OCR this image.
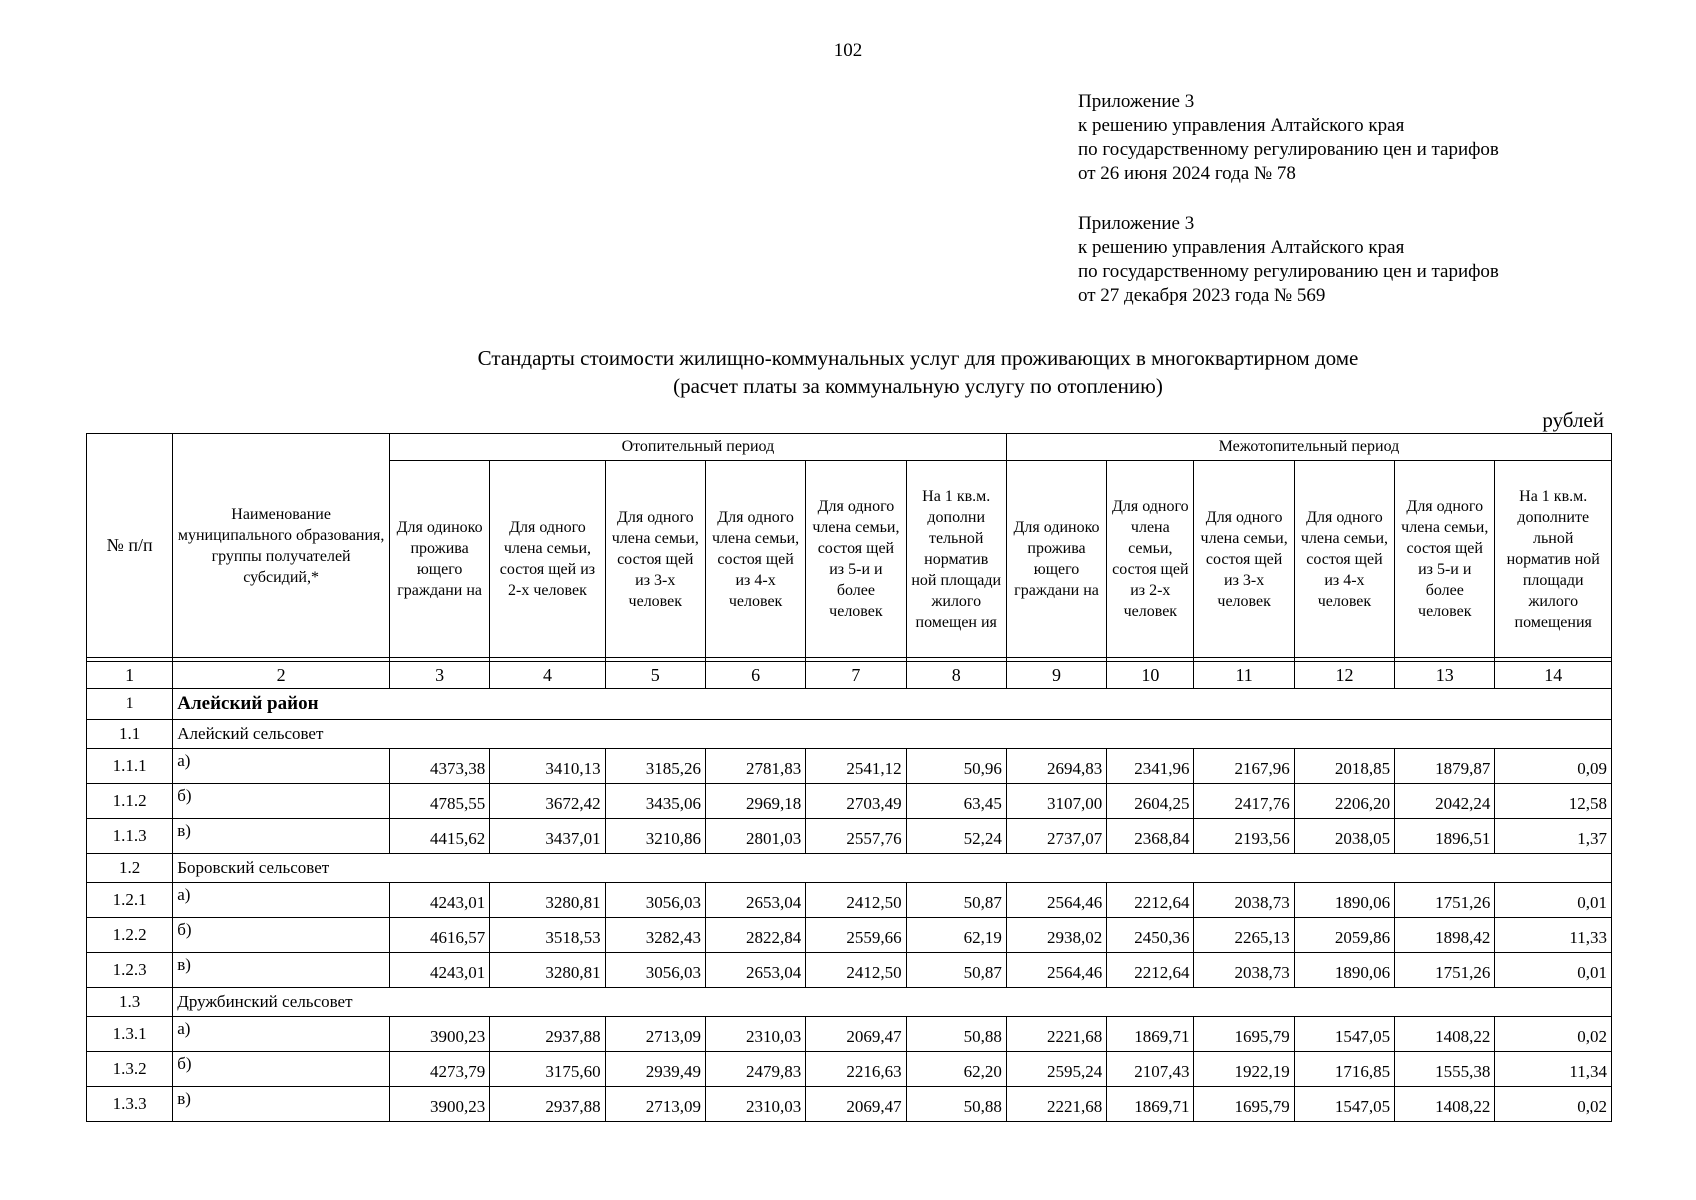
102
Приложение 3
к решению управления Алтайского края
по государственному регулированию цен и тарифов
от 26 июня 2024 года № 78
Приложение 3
к решению управления Алтайского края
по государственному регулированию цен и тарифов
от 27 декабря 2023 года № 569
Стандарты стоимости жилищно-коммунальных услуг для проживающих в многоквартирном доме
(расчет платы за коммунальную услугу по отоплению)
рублей
№ п/п	Наименование муниципального образования, группы получателей субсидий,*	Отопительный период						Межотопительный период					
		Для одиноко прожива ющего граждани на	Для одного члена семьи, состоя щей из 2-х человек	Для одного члена семьи, состоя щей из 3-х человек	Для одного члена семьи, состоя щей из 4-х человек	Для одного члена семьи, состоя щей из 5-и и более человек	На 1 кв.м. дополни тельной норматив ной площади жилого помещен ия	Для одиноко прожива ющего граждани на	Для одного члена семьи, состоя щей из 2-х человек	Для одного члена семьи, состоя щей из 3-х человек	Для одного члена семьи, состоя щей из 4-х человек	Для одного члена семьи, состоя щей из 5-и и более человек	На 1 кв.м. дополните льной норматив ной площади жилого помещения

1	2	3	4	5	6	7	8	9	10	11	12	13	14
1	Алейский район												
1.1	Алейский сельсовет												
1.1.1	а)	4373,38	3410,13	3185,26	2781,83	2541,12	50,96	2694,83	2341,96	2167,96	2018,85	1879,87	0,09
1.1.2	б)	4785,55	3672,42	3435,06	2969,18	2703,49	63,45	3107,00	2604,25	2417,76	2206,20	2042,24	12,58
1.1.3	в)	4415,62	3437,01	3210,86	2801,03	2557,76	52,24	2737,07	2368,84	2193,56	2038,05	1896,51	1,37
1.2	Боровский сельсовет												
1.2.1	а)	4243,01	3280,81	3056,03	2653,04	2412,50	50,87	2564,46	2212,64	2038,73	1890,06	1751,26	0,01
1.2.2	б)	4616,57	3518,53	3282,43	2822,84	2559,66	62,19	2938,02	2450,36	2265,13	2059,86	1898,42	11,33
1.2.3	в)	4243,01	3280,81	3056,03	2653,04	2412,50	50,87	2564,46	2212,64	2038,73	1890,06	1751,26	0,01
1.3	Дружбинский сельсовет												
1.3.1	а)	3900,23	2937,88	2713,09	2310,03	2069,47	50,88	2221,68	1869,71	1695,79	1547,05	1408,22	0,02
1.3.2	б)	4273,79	3175,60	2939,49	2479,83	2216,63	62,20	2595,24	2107,43	1922,19	1716,85	1555,38	11,34
1.3.3	в)	3900,23	2937,88	2713,09	2310,03	2069,47	50,88	2221,68	1869,71	1695,79	1547,05	1408,22	0,02
